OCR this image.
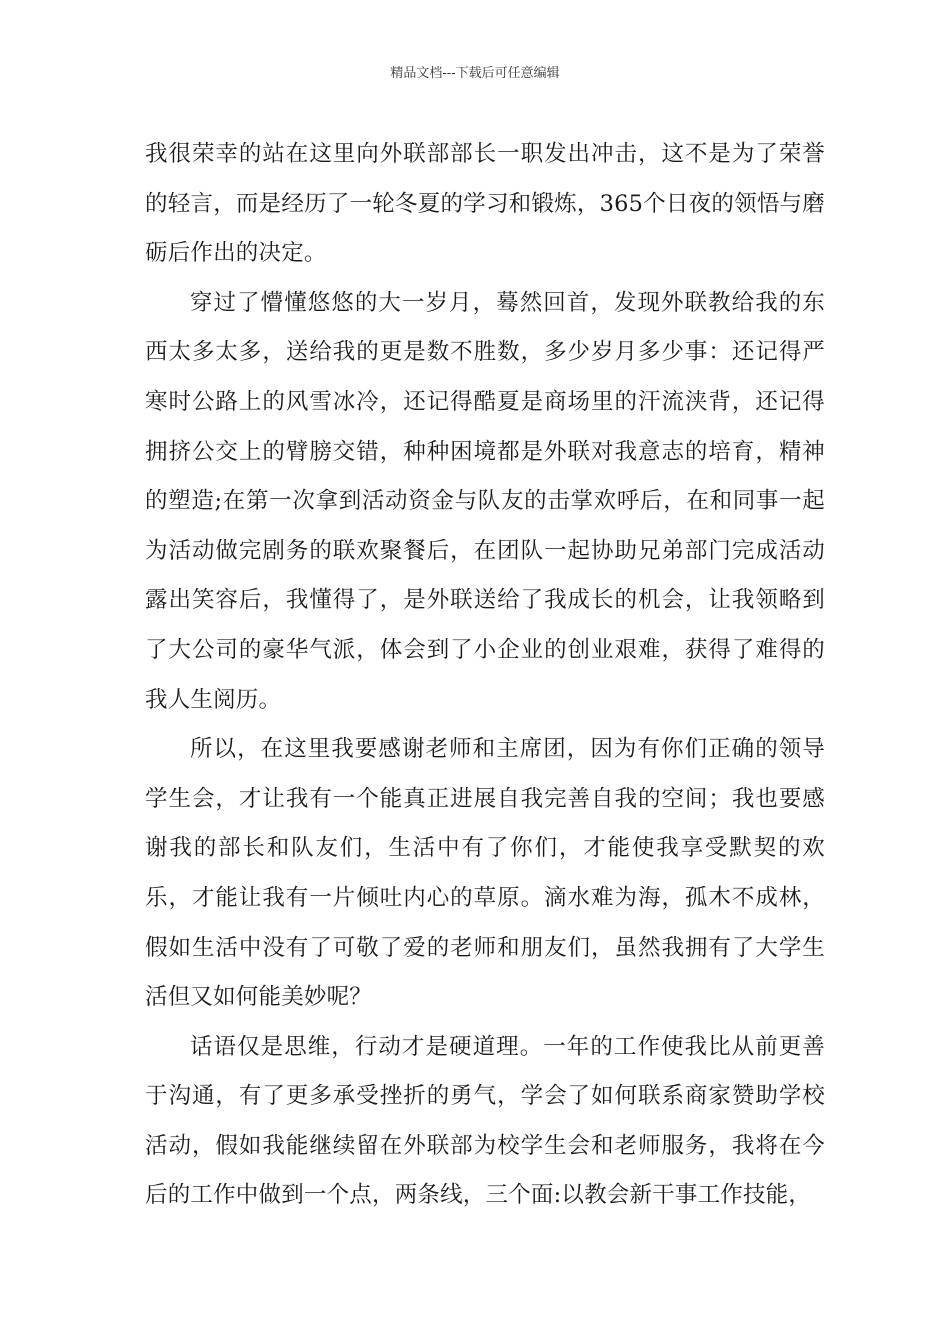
精品文档---下载后可任意编辑

我很荣幸的站在这里向外联部部长一职发出冲击，这不是为了荣誉的轻言，而是经历了一轮冬夏的学习和锻炼，365个日夜的领悟与磨砺后作出的决定。

穿过了懵懂悠悠的大一岁月，蓦然回首，发现外联教给我的东西太多太多，送给我的更是数不胜数，多少岁月多少事：还记得严寒时公路上的风雪冰冷，还记得酷夏是商场里的汗流浃背，还记得拥挤公交上的臂膀交错，种种困境都是外联对我意志的培育，精神的塑造;在第一次拿到活动资金与队友的击掌欢呼后，在和同事一起为活动做完剧务的联欢聚餐后，在团队一起协助兄弟部门完成活动露出笑容后，我懂得了，是外联送给了我成长的机会，让我领略到了大公司的豪华气派，体会到了小企业的创业艰难，获得了难得的我人生阅历。

所以，在这里我要感谢老师和主席团，因为有你们正确的领导学生会，才让我有一个能真正进展自我完善自我的空间；我也要感谢我的部长和队友们，生活中有了你们，才能使我享受默契的欢乐，才能让我有一片倾吐内心的草原。滴水难为海，孤木不成林，假如生活中没有了可敬了爱的老师和朋友们，虽然我拥有了大学生活但又如何能美妙呢？

话语仅是思维，行动才是硬道理。一年的工作使我比从前更善于沟通，有了更多承受挫折的勇气，学会了如何联系商家赞助学校活动，假如我能继续留在外联部为校学生会和老师服务，我将在今后的工作中做到一个点，两条线，三个面:以教会新干事工作技能，
